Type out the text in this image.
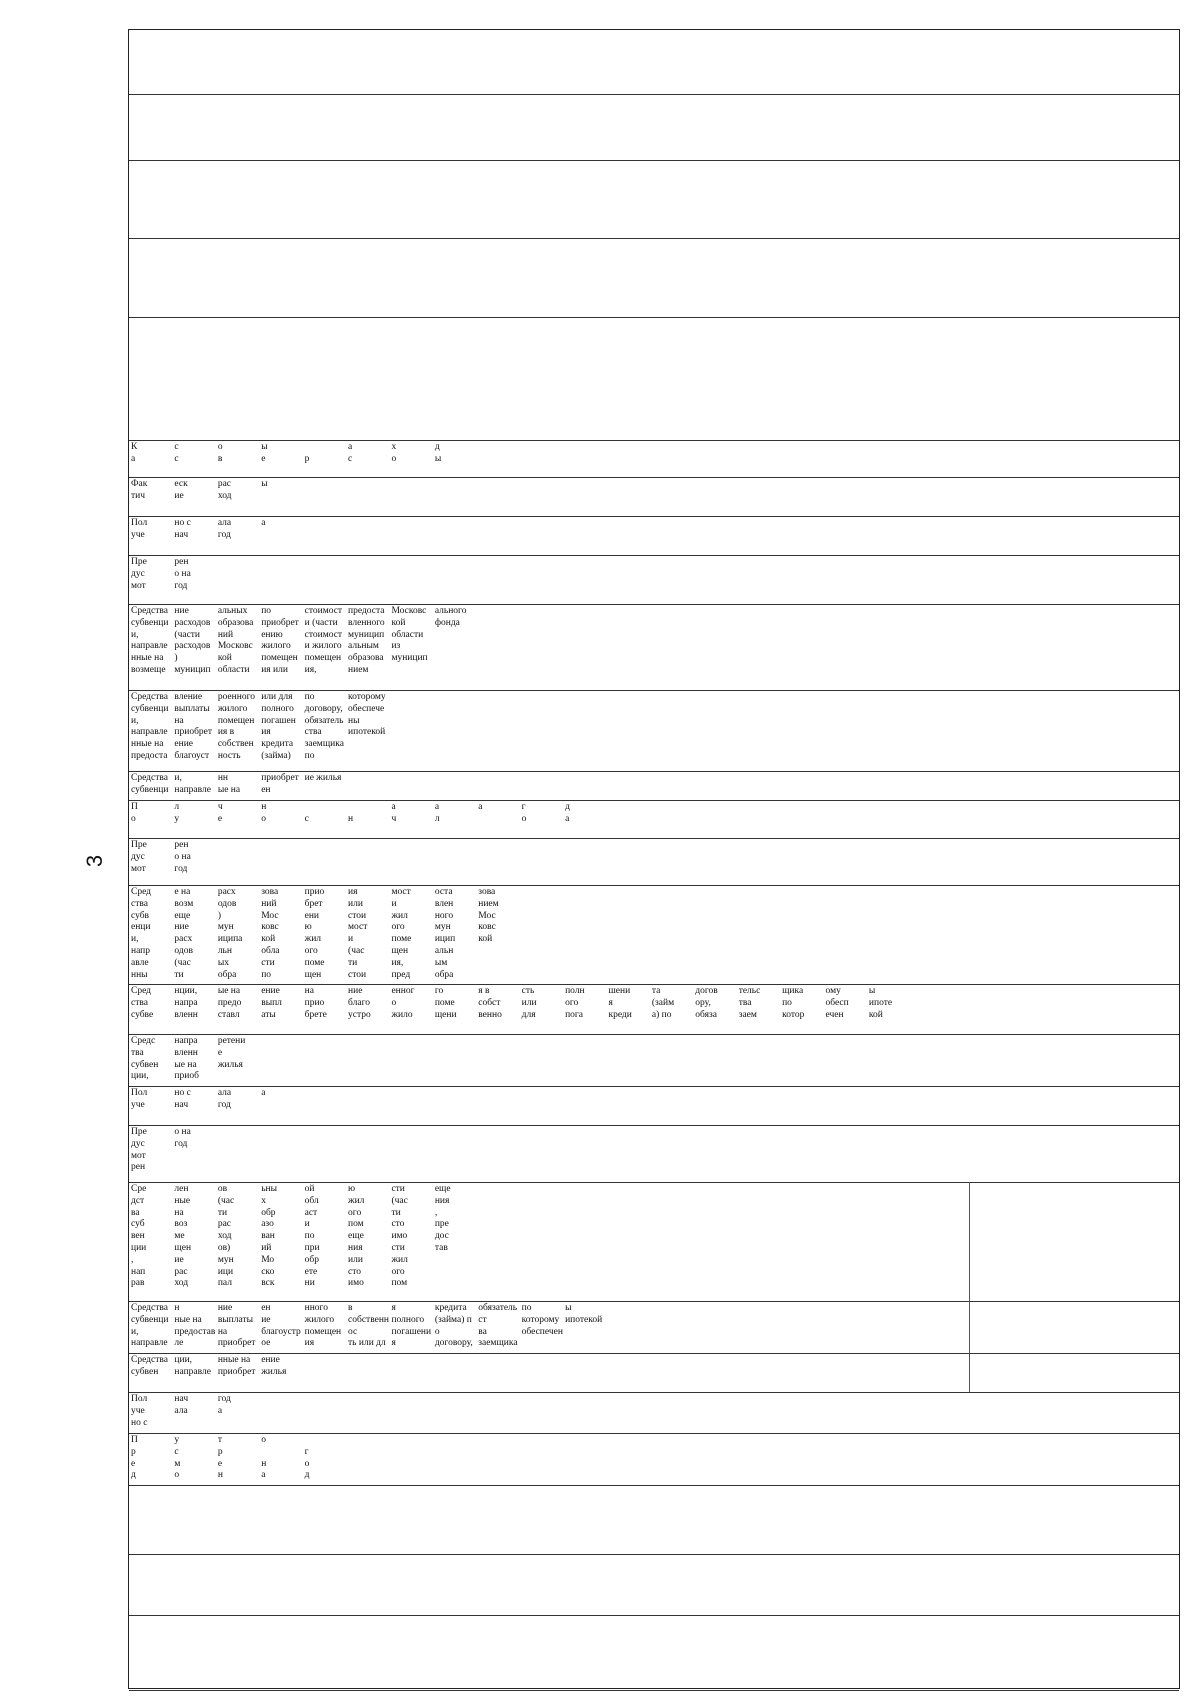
3
К
а
с
с
о
в
ы
е

р
а
с
х
о
д
ы
Фак
тич
еск
ие
рас
ход
ы
Пол
уче
но с
нач
ала
год
а
Пре
дус
мот
рен
о на
год
Средства
субвенци
и,
направле
нные на
возмеще
ние
расходов
(части
расходов
)
муницип
альных
образова
ний
Московс
кой
области
по
приобрет
ению
жилого
помещен
ия или
стоимост
и (части
стоимост
и жилого
помещен
ия,
предоста
вленного
муницип
альным
образова
нием
Московс
кой
области
из
муницип
ального
фонда
Средства
субвенци
и,
направле
нные на
предоста
вление
выплаты
на
приобрет
ение
благоуст
роенного
жилого
помещен
ия в
собствен
ность
или для
полного
погашен
ия
кредита
(займа)
по
договору,
обязатель
ства
заемщика
по
которому
обеспече
ны
ипотекой
Средства
субвенции,
направленн
ые на
приобретен
ие жилья
П
о
л
у
ч
е
н
о

с

н
а
ч
а
л
а

г
о
д
а
Пре
дус
мот
рен
о на
год
Сред
ства
субв
енци
и,
напр
авле
нны
е на
возм
еще
ние
расх
одов
(час
ти
расх
одов
)
мун
иципа
льн
ых
обра
зова
ний
Мос
ковс
кой
обла
сти
по
прио
брет
ени
ю
жил
ого
поме
щен
ия
или
стои
мост
и
(час
ти
стои
мост
и
жил
ого
поме
щен
ия,
пред
оста
влен
ного
мун
ицип
альн
ым
обра
зова
нием
Мос
ковс
кой
Сред
ства
субве
нции,
напра
вленн
ые на
предо
ставл
ение
выпл
аты
на
прио
брете
ние
благо
устро
енног
о
жило
го
поме
щени
я в
собст
венно
сть
или
для
полн
ого
пога
шени
я
креди
та
(займ
а) по
догов
ору,
обяза
тельс
тва
заем
щика
по
котор
ому
обесп
ечен
ы
ипоте
кой
Средс
тва
субвен
ции,
напра
вленн
ые на
приоб
ретени
е
жилья
Пол
уче
но с
нач
ала
год
а
Пре
дус
мот
рен
о на
год
Сре
дст
ва
суб
вен
ции
,
нап
рав
лен
ные
на
воз
ме
щен
ие
рас
ход
ов
(час
ти
рас
ход
ов)
мун
ици
пал
ьны
х
обр
азо
ван
ий
Мо
ско
вск
ой
обл
аст
и
по
при
обр
ете
ни
ю
жил
ого
пом
еще
ния
или
сто
имо
сти
(час
ти
сто
имо
сти
жил
ого
пом
еще
ния
,
пре
дос
тав
Средства
субвенции,
направлен
ные на
предоставле
ние
выплаты на
приобретен
ие
благоустрое
нного
жилого
помещения
в
собственнос
ть или для
полного
погашения
кредита
(займа) по
договору,
обязательст
ва
заемщика
по
которому
обеспечены
ипотекой
Средства
субвен
ции,
направле
нные на
приобрет
ение
жилья
Пол
уче
но с
нач
ала
год
а
П
р
е
д
у
с
м
о
т
р
е
н
о

н
а

г
о
д
